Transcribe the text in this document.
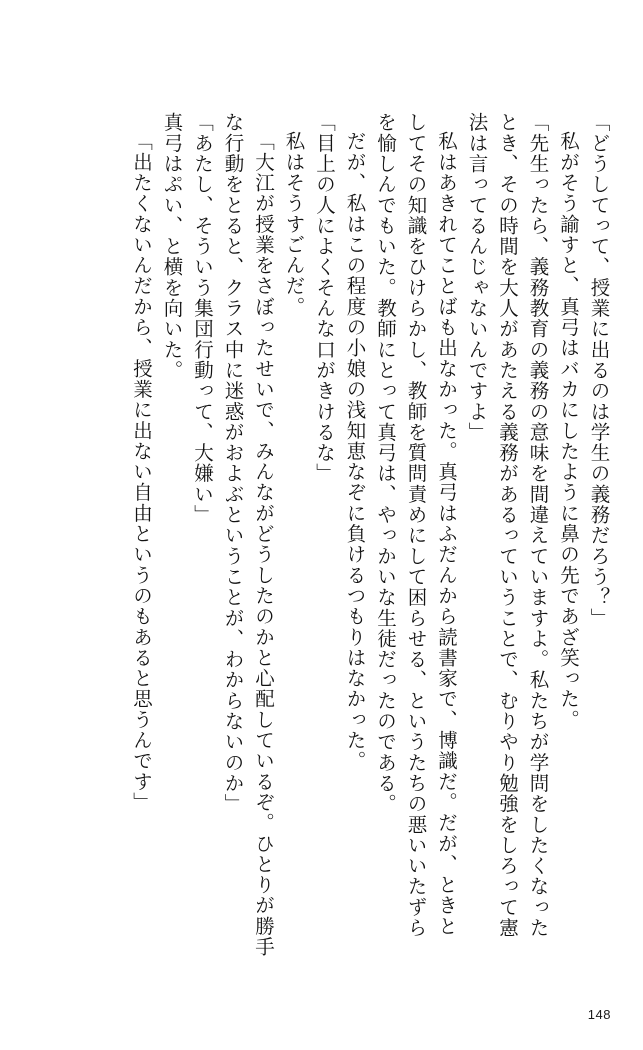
「出たくないんだから、授業に出ない自由というのもあると思うんです」 真弓はぷい、と横を向いた。 「あたし、そういう集団行動って、大嫌い」 な行動をとると、クラス中に迷惑がおよぶということが、わからないのか」 「大江が授業をさぼったせいで、みんながどうしたのかと心配しているぞ。ひとりが勝手 私はそうすごんだ。 「目上の人によくそんな口がきけるな」 だが、私はこの程度の小娘の浅知恵なぞに負けるつもりはなかった。 を愉しんでもいた。教師にとって真弓は、やっかいな生徒だったのである。 してその知識をひけらかし、教師を質問責めにして困らせる、というたちの悪いいたずら 私はあきれてことばも出なかった。真弓はふだんから読書家で、博識だ。だが、ときと 法は言ってるんじゃないんですよ」 とき、その時間を大人があたえる義務があるっていうことで、むりやり勉強をしろって憲 「先生ったら、義務教育の義務の意味を間違えていますよ。私たちが学問をしたくなった 私がそう諭すと、真弓はバカにしたように鼻の先であざ笑った。 「どうしてって、授業に出るのは学生の義務だろう？」
148
